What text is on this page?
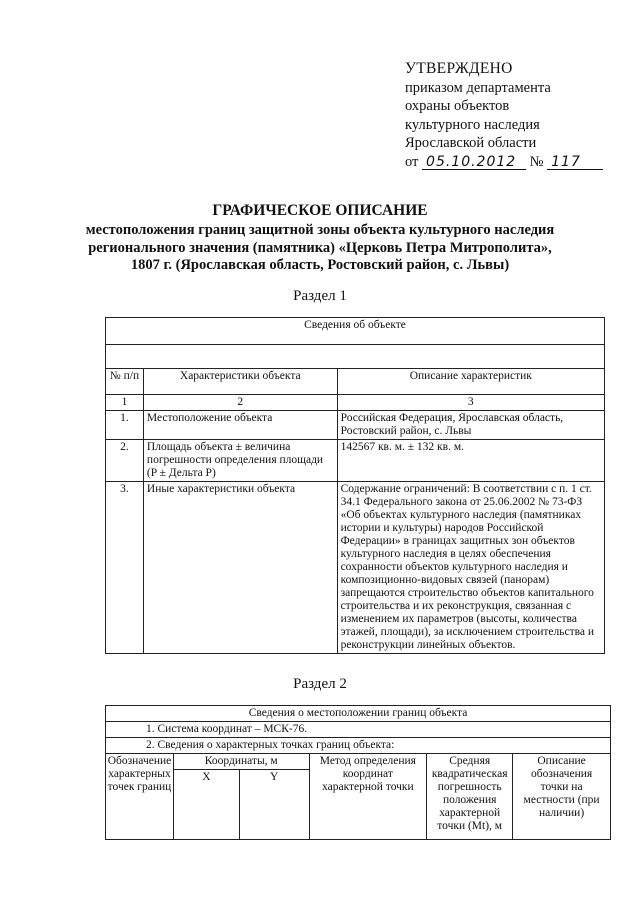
УТВЕРЖДЕНО
приказом департамента
охраны объектов
культурного наследия
Ярославской области
от 05.10.2012 № 117
ГРАФИЧЕСКОЕ ОПИСАНИЕ
местоположения границ защитной зоны объекта культурного наследия
регионального значения (памятника) «Церковь Петра Митрополита»,
1807 г. (Ярославская область, Ростовский район, с. Львы)
Раздел 1
Сведения об объекте		

№ п/п	Характеристики объекта	Описание характеристик
1	2	3
1.	Местоположение объекта	Российская Федерация, Ярославская область, Ростовский район, с. Львы
2.	Площадь объекта ± величина погрешности определения площади (P ± Дельта P)	142567 кв. м. ± 132 кв. м.
3.	Иные характеристики объекта	Содержание ограничений: В соответствии с п. 1 ст. 34.1 Федерального закона от 25.06.2002 № 73-ФЗ «Об объектах культурного наследия (памятниках истории и культуры) народов Российской Федерации» в границах защитных зон объектов культурного наследия в целях обеспечения сохранности объектов культурного наследия и композиционно-видовых связей (панорам) запрещаются строительство объектов капитального строительства и их реконструкция, связанная с изменением их параметров (высоты, количества этажей, площади), за исключением строительства и реконструкции линейных объектов.
Раздел 2
Сведения о местоположении границ объекта					
1. Система координат – МСК-76.					
2. Сведения о характерных точках границ объекта:					
Обозначение характерных точек границ	Координаты, м		Метод определения координат характерной точки	Средняя квадратическая погрешность положения характерной точки (Mt), м	Описание обозначения точки на местности (при наличии)
	X	Y			
